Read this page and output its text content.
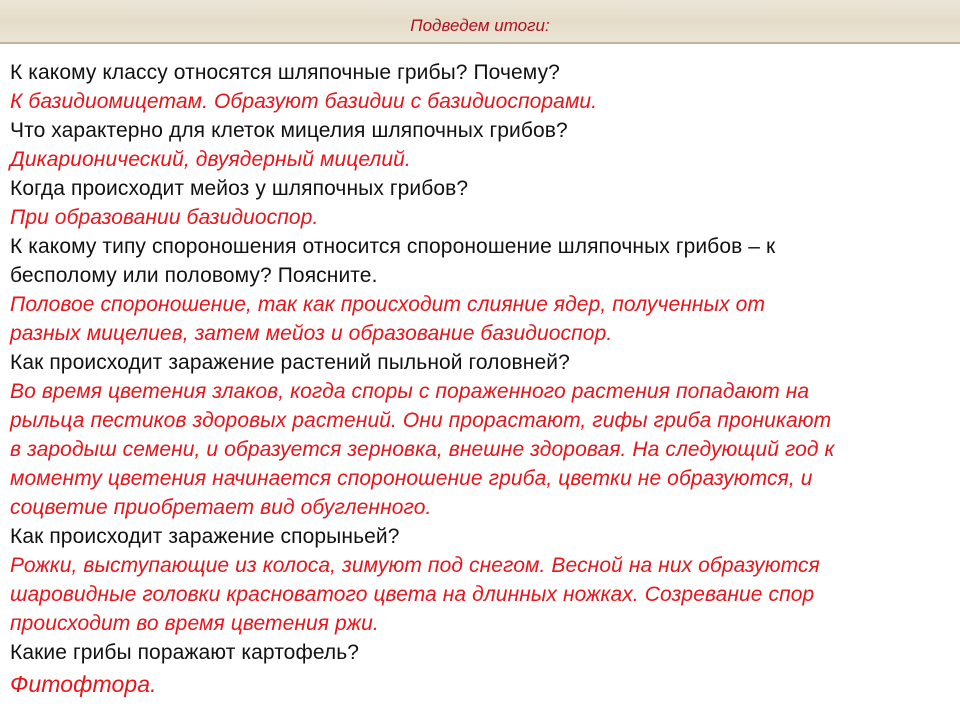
Подведем итоги:
К какому классу относятся шляпочные грибы? Почему?
К базидиомицетам. Образуют базидии с базидиоспорами.
Что характерно для клеток мицелия шляпочных грибов?
Дикарионический, двуядерный мицелий.
Когда происходит мейоз у шляпочных грибов?
При образовании базидиоспор.
К какому типу спороношения относится спороношение шляпочных грибов – к
бесполому или половому? Поясните.
Половое спороношение, так как происходит слияние ядер, полученных от
разных мицелиев, затем мейоз и образование базидиоспор.
Как происходит заражение растений пыльной головней?
Во время цветения злаков, когда споры с пораженного растения попадают на
рыльца пестиков здоровых растений. Они прорастают, гифы гриба проникают
в зародыш семени, и образуется зерновка, внешне здоровая. На следующий год к
моменту цветения начинается спороношение гриба, цветки не образуются, и
соцветие приобретает вид обугленного.
Как происходит заражение спорыньей?
Рожки, выступающие из колоса, зимуют под снегом. Весной на них образуются
шаровидные головки красноватого цвета на длинных ножках. Созревание спор
происходит во время цветения ржи.
Какие грибы поражают картофель?
Фитофтора.
